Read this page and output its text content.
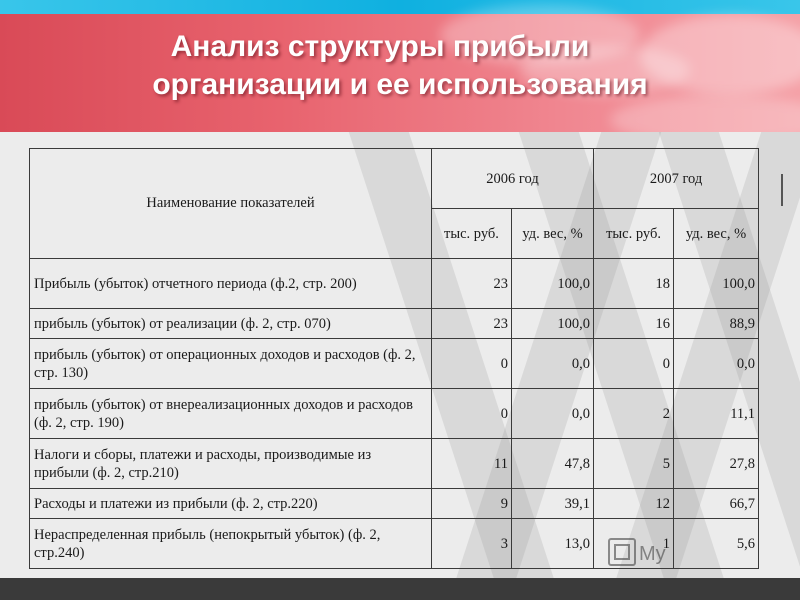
Анализ структуры прибыли
организации и ее использования
Наименование показателей	2006 год		2007 год	
	тыс. руб.	уд. вес, %	тыс. руб.	уд. вес, %
Прибыль (убыток) отчетного периода (ф.2, стр. 200)	23	100,0	18	100,0
прибыль (убыток) от реализации (ф. 2, стр. 070)	23	100,0	16	88,9
прибыль (убыток) от операционных доходов и расходов (ф. 2, стр. 130)	0	0,0	0	0,0
прибыль (убыток) от внереализационных доходов и расходов (ф. 2, стр. 190)	0	0,0	2	11,1
Налоги и сборы, платежи и расходы, производимые из прибыли (ф. 2, стр.210)	11	47,8	5	27,8
Расходы и платежи из прибыли (ф. 2, стр.220)	9	39,1	12	66,7
Нераспределенная прибыль (непокрытый убыток) (ф. 2, стр.240)	3	13,0	1	5,6
My
